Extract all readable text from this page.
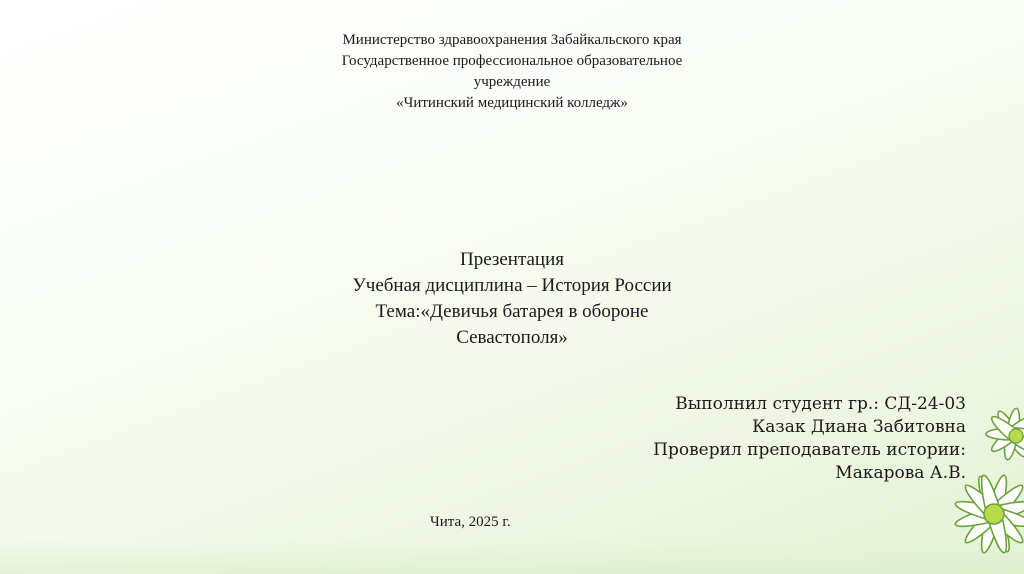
Министерство здравоохранения Забайкальского края
Государственное профессиональное образовательное
учреждение
«Читинский медицинский колледж»
Презентация
Учебная дисциплина – История России
Тема:«Девичья батарея в обороне
Севастополя»
Выполнил студент гр.: СД-24-03
Казак Диана Забитовна
Проверил преподаватель истории:
Макарова А.В.
Чита, 2025 г.
